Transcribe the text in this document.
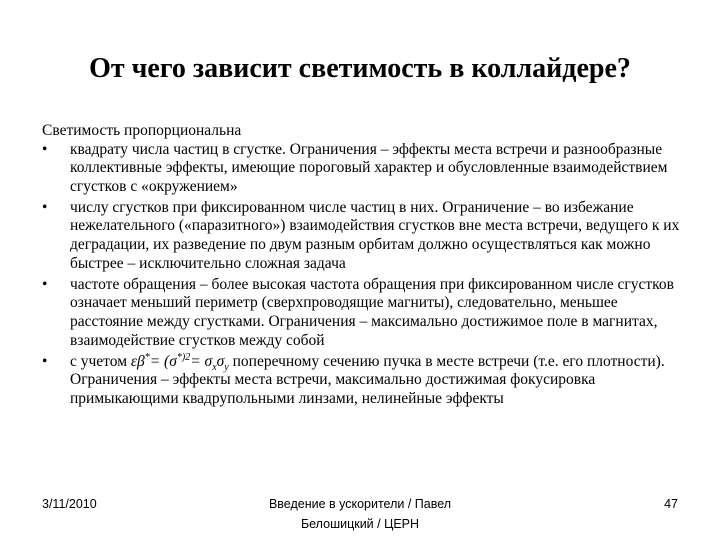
От чего зависит светимость в коллайдере?

Светимость пропорциональна

•	квадрату числа частиц в сгустке. Ограничения – эффекты места встречи и разнообразные коллективные эффекты, имеющие пороговый характер и обусловленные взаимодействием сгустков с «окружением»
•	числу сгустков при фиксированном числе частиц в них. Ограничение – во избежание нежелательного («паразитного») взаимодействия сгустков вне места встречи, ведущего к их деградации, их разведение по двум разным орбитам должно осуществляться как можно быстрее – исключительно сложная задача
•	частоте обращения – более высокая частота обращения при фиксированном числе сгустков означает меньший периметр (сверхпроводящие магниты), следовательно, меньшее расстояние между сгустками. Ограничения – максимально достижимое поле в магнитах, взаимодействие сгустков между собой
•	с учетом $\varepsilon\beta^*= (\sigma^{*)2}= \sigma_x\sigma_y$ поперечному сечению пучка в месте встречи (т.е. его плотности). Ограничения – эффекты места встречи, максимально достижимая фокусировка примыкающими квадрупольными линзами, нелинейные эффекты
3/11/2010	Введение в ускорители / Павел
Белошицкий / ЦЕРН
47
